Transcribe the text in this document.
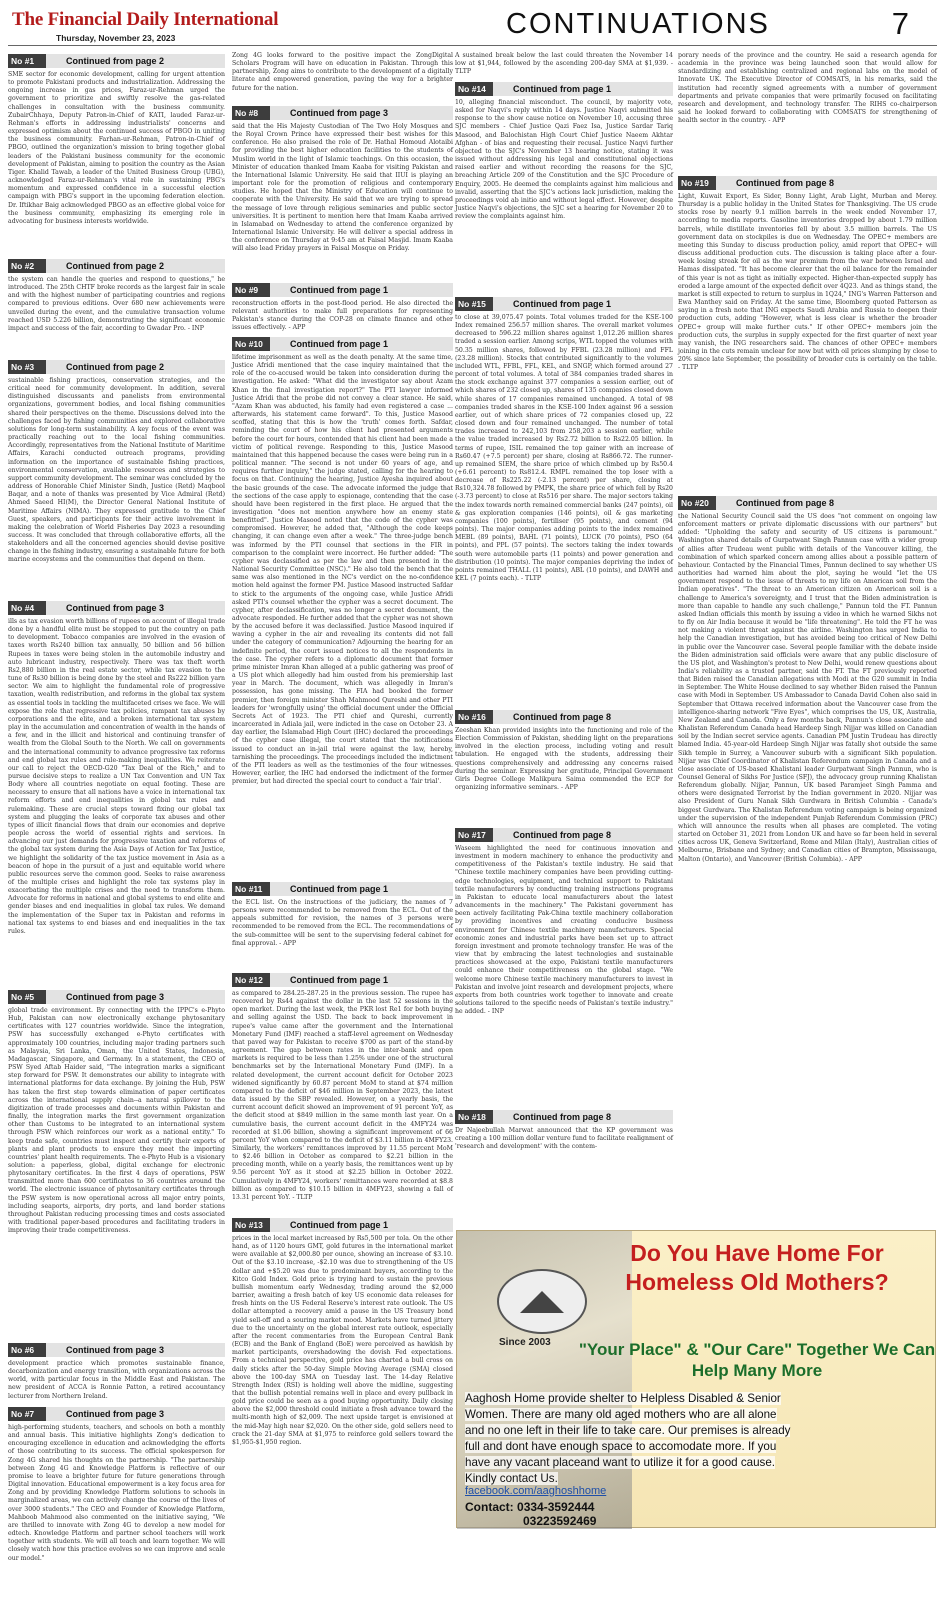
The Financial Daily International
Thursday, November 23, 2023	CONTINUATIONS	7
No #1	Continued from page 2
SME sector for economic development, calling for urgent attention to promote Pakistani products and industrialization. Addressing the ongoing increase in gas prices, Faraz-ur-Rehman urged the government to prioritize and swiftly resolve the gas-related challenges in consultation with the business community. ZubairChhaya, Deputy Patron-in-Chief of KATI, lauded Faraz-ur-Rehman's efforts in addressing industrialists' concerns and expressed optimism about the continued success of PBGO in uniting the business community. Farhan-ur-Rehman, Patron-in-Chief of PBGO, outlined the organization's mission to bring together global leaders of the Pakistani business community for the economic development of Pakistan, aiming to position the country as the Asian Tiger. Khalid Tawab, a leader of the United Business Group (UBG), acknowledged Faraz-ur-Rehman's vital role in sustaining PBG's momentum and expressed confidence in a successful election campaign with PBG's support in the upcoming federation election. Dr. Iftikhar Baig acknowledged PBGO as an effective global voice for the business community, emphasizing its emerging role in advocating for business interests worldwide.
No #2	Continued from page 2
the system can handle the queries and respond to questions," he introduced. The 25th CHTF broke records as the largest fair in scale and with the highest number of participating countries and regions compared to previous editions. Over 680 new achievements were unveiled during the event, and the cumulative transaction volume reached USD 5.226 billion, demonstrating the significant economic impact and success of the fair, according to Gwadar Pro. - INP
No #3	Continued from page 2
sustainable fishing practices, conservation strategies, and the critical need for community development. In addition, several distinguished discussants and panelists from environmental organizations, government bodies, and local fishing communities shared their perspectives on the theme. Discussions delved into the challenges faced by fishing communities and explored collaborative solutions for long-term sustainability. A key focus of the event was practically reaching out to the local fishing communities. Accordingly, representatives from the National Institute of Maritime Affairs, Karachi conducted outreach programs, providing information on the importance of sustainable fishing practices, environmental conservation, available resources and strategies to support community development. The seminar was concluded by the address of Honorable Chief Minister Sindh, Justice (Retd) Maqbool Baqar, and a note of thanks was presented by Vice Admiral (Retd) Ahmed Saeed HI(M), the Director General National Institute of Maritime Affairs (NIMA). They expressed gratitude to the Chief Guest, speakers, and participants for their active involvement in making the celebration of World Fisheries Day 2023 a resounding success. It was concluded that through collaborative efforts, all the stakeholders and all the concerned agencies should devise positive change in the fishing industry, ensuring a sustainable future for both marine ecosystems and the communities that depend on them.
No #4	Continued from page 3
ills as tax evasion worth billions of rupees on account of illegal trade done by a handful elite must be stopped to put the country on path to development. Tobacco companies are involved in the evasion of taxes worth Rs240 billion tax annually, 50 billion and 56 billion Rupees in taxes were being stolen in the automobile industry and auto lubricant industry, respectively. There was tax theft worth Rs2,880 billion in the real estate sector, while tax evasion to the tune of Rs30 billion is being done by the steel and Rs222 billion yarn sector. We aim to highlight the fundamental role of progressive taxation, wealth redistribution, and reforms in the global tax system as essential tools in tackling the multifaceted crises we face. We will expose the role that regressive tax policies, rampant tax abuses by corporations and the elite, and a broken international tax system play in the accumulation and concentration of wealth in the hands of a few, and in the illicit and historical and continuing transfer of wealth from the Global South to the North. We call on governments and the international community to advance progressive tax reforms and end global tax rules and rule-making inequalities. We reiterate our call to reject the OECD-G20 "Tax Deal of the Rich," and to pursue decisive steps to realize a UN Tax Convention and UN Tax Body where all countries negotiate on equal footing. These are necessary to ensure that all nations have a voice in international tax reform efforts and end inequalities in global tax rules and rulemaking. These are crucial steps toward fixing our global tax system and plugging the leaks of corporate tax abuses and other types of illicit financial flows that drain our economies and deprive people across the world of essential rights and services. In advancing our just demands for progressive taxation and reforms of the global tax system during the Asia Days of Action for Tax Justice, we highlight the solidarity of the tax justice movement in Asia as a beacon of hope in the pursuit of a just and equitable world where public resources serve the common good. Seeks to raise awareness of the multiple crises and highlight the role tax systems play in exacerbating the multiple crises and the need to transform them. Advocate for reforms in national and global systems to end elite and gender biases and end inequalities in global tax rules. We demand the implementation of the Super tax in Pakistan and reforms in national tax systems to end biases and end inequalities in the tax rules.
No #5	Continued from page 3
global trade environment. By connecting with the IPPC's e-Phyto Hub, Pakistan can now electronically exchange phytosanitary certificates with 127 countries worldwide. Since the integration, PSW has successfully exchanged e-Phyto certificates with approximately 100 countries, including major trading partners such as Malaysia, Sri Lanka, Oman, the United States, Indonesia, Madagascar, Singapore, and Germany. In a statement, the CEO of PSW Syed Aftab Haider said, "The integration marks a significant step forward for PSW. It demonstrates our ability to integrate with international platforms for data exchange. By joining the Hub, PSW has taken the first step towards elimination of paper certificates across the international supply chain--a natural spillover to the digitization of trade processes and documents within Pakistan and finally, the integration marks the first government organization other than Customs to be integrated to an international system through PSW which reinforces our work as a national entity." To keep trade safe, countries must inspect and certify their exports of plants and plant products to ensure they meet the importing countries' plant health requirements. The e-Phyto Hub is a visionary solution: a paperless, global, digital exchange for electronic phytosanitary certificates. In the first 4 days of operations, PSW transmitted more than 600 certificates to 36 countries around the world. The electronic issuance of phytosanitary certificates through the PSW system is now operational across all major entry points, including seaports, airports, dry ports, and land border stations throughout Pakistan reducing processing times and costs associated with traditional paper-based procedures and facilitating traders in improving their trade competitiveness.
No #6	Continued from page 3
development practice which promotes sustainable finance, decarbonization and energy transition, with organizations across the world, with particular focus in the Middle East and Pakistan. The new president of ACCA is Ronnie Patton, a retired accountancy lecturer from Northern Ireland.
No #7	Continued from page 3
high-performing students, teachers, and schools on both a monthly and annual basis. This initiative highlights Zong's dedication to encouraging excellence in education and acknowledging the efforts of those contributing to its success. The official spokesperson for Zong 4G shared his thoughts on the partnership. "The partnership between Zong 4G and Knowledge Platform is reflective of our promise to leave a brighter future for future generations through Digital innovation. Educational empowerment is a key focus area for Zong and by providing Knowledge Platform solutions to schools in marginalized areas, we can actively change the course of the lives of over 3000 students." The CEO and Founder of Knowledge Platform, Mahboob Mahmood also commented on the initiative saying, "We are thrilled to innovate with Zong 4G to develop a new model for edtech. Knowledge Platform and partner school teachers will work together with students. We will all teach and learn together. We will closely watch how this practice evolves so we can improve and scale our model."
Zong 4G looks forward to the positive impact the ZongDigital Scholars Program will have on education in Pakistan. Through this partnership, Zong aims to contribute to the development of a digitally literate and empowered generation, paving the way for a brighter future for the nation.
No #8	Continued from page 3
said that the His Majesty Custodian of The Two Holy Mosques and the Royal Crown Prince have expressed their best wishes for this conference. He also praised the role of Dr. Hathal Homoud Alotaibi for providing the best higher education facilities to the students of Muslim world in the light of Islamic teachings. On this occasion, the Minister of education thanked Imam Kaaba for visiting Pakistan and the International Islamic University. He said that IIUI is playing an important role for the promotion of religious and contemporary studies. He hoped that the Ministry of Education will continue to cooperate with the University. He said that we are trying to spread the message of love through religious seminaries and public sector universities. It is pertinent to mention here that Imam Kaaba arrived in Islamabad on Wednesday to attend the conference organized by International Islamic University. He will deliver a special address in the conference on Thursday at 9:45 am at Faisal Masjid. Imam Kaaba will also lead Friday prayers in Faisal Mosque on Friday.
No #9	Continued from page 1
reconstruction efforts in the post-flood period. He also directed the relevant authorities to make full preparations for representing Pakistan's stance during the COP-28 on climate finance and other issues effectively. - APP
No #10	Continued from page 1
lifetime imprisonment as well as the death penalty. At the same time, Justice Afridi mentioned that the case inquiry maintained that the role of the co-accused would be taken into consideration during the investigation. He asked: "What did the investigator say about Azam Khan in the final investigation report?" The PTI lawyer informed Justice Afridi that the probe did not convey a clear stance. He said, "Azam Khan was abducted, his family had even registered a case ... afterwards, his statement came forward". To this, Justice Masood scoffed, stating that this is how the 'truth' comes forth. Safdar, reminding the court of how his client had presented arguments before the court for hours, contended that his client had been made a victim of political revenge. Responding to this, Justice Masood maintained that this happened because the cases were being run in a political manner. "The second is not under 60 years of age, and requires further inquiry," the judge stated, calling for the hearing to focus on that. Continuing the hearing, Justice Ayesha inquired about the basic grounds of the case. The advocate informed the judge that the sections of the case apply to espionage, contending that the case should have been registered in the first place. He argued that the investigation "does not mention anywhere how an enemy state benefitted". Justice Masood noted that the code of the cypher was compromised. However, he added that, "Although the code keeps changing, it can change even after a week." The three-judge bench was informed by the PTI counsel that sections in the FIR in comparison to the complaint were incorrect. He further added: "The cypher was declassified as per the law and then presented in the National Security Committee (NSC)." He also told the bench that the same was also mentioned in the NC's verdict on the no-confidence motion held against the former PM. Justice Masood instructed Safdar to stick to the arguments of the ongoing case, while Justice Afridi asked PTI's counsel whether the cypher was a secret document. The cypher, after declassification, was no longer a secret document, the advocate responded. He further added that the cypher was not shown by the accused before it was declassified. Justice Masood inquired if waving a cypher in the air and revealing its contents did not fall under the category of communication? Adjourning the hearing for an indefinite period, the court issued notices to all the respondents in the case. The cypher refers to a diplomatic document that former prime minister Imran Khan alleged at a public gathering was proof of a US plot which allegedly had him ousted from his premiership last year in March. The document, which was allegedly in Imran's possession, has gone missing. The FIA had booked the former premier, then foreign minister Shah Mahmood Qureshi and other PTI leaders for 'wrongfully using' the official document under the Official Secrets Act of 1923. The PTI chief and Qureshi, currently incarcerated in Adiala jail, were indicted in the case on October 23. A day earlier, the Islamabad High Court (IHC) declared the proceedings of the cypher case illegal, the court stated that the notifications issued to conduct an in-jail trial were against the law, hereby, tarnishing the proceedings. The proceedings included the indictment of the PTI leaders as well as the testimonies of the four witnesses. However, earlier, the IHC had endorsed the indictment of the former premier, but had directed the special court to conduct a 'fair trial'.
No #11	Continued from page 1
the ECL list. On the instructions of the judiciary, the names of 7 persons were recommended to be removed from the ECL. Out of the appeals submitted for revision, the names of 3 persons were recommended to be removed from the ECL. The recommendations of the sub-committee will be sent to the supervising federal cabinet for final approval. - APP
No #12	Continued from page 1
as compared to 284.25-287.25 in the previous session. The rupee has recovered by Rs44 against the dollar in the last 52 sessions in the open market. During the last week, the PKR lost Re1 for both buying and selling against the USD. The back to back improvement in rupee's value came after the government and the International Monetary Fund (IMF) reached a staff-level agreement on Wednesday that paved way for Pakistan to receive $700 as part of the stand-by agreement. The gap between rates in the inter-bank and open markets is required to be less than 1.25% under one of the structural benchmarks set by the International Monetary Fund (IMF). In a related development, the current account deficit for October 2023 widened significantly by 60.87 percent MoM to stand at $74 million compared to the deficit of $46 million in September 2023, the latest data issued by the SBP revealed. However, on a yearly basis, the current account deficit showed an improvement of 91 percent YoY, as the deficit stood at $849 million in the same month last year. On a cumulative basis, the current account deficit in the 4MFY24 was recorded at $1.06 billion, showing a significant improvement of 66 percent YoY when compared to the deficit of $3.11 billion in 4MFY23. Similarly, the workers' remittances improved by 11.55 percent MoM to $2.46 billion in October as compared to $2.21 billion in the preceding month, while on a yearly basis, the remittances went up by 9.56 percent YoY as it stood at $2.25 billion in October 2022. Cumulatively in 4MFY24, workers' remittances were recorded at $8.8 billion as compared to $10.15 billion in 4MFY23, showing a fall of 13.31 percent YoY. - TLTP
No #13	Continued from page 1
prices in the local market increased by Rs5,500 per tola. On the other hand, as of 1120 hours GMT, gold futures in the international market were available at $2,000.80 per ounce, showing an increase of $3.10. Out of the $3.10 increase, -$2.10 was due to strengthening of the US dollar and +$5.20 was due to predominant buyers, according to the Kitco Gold Index. Gold price is trying hard to sustain the previous bullish momentum early Wednesday, trading around the $2,000 barrier, awaiting a fresh batch of key US economic data releases for fresh hints on the US Federal Reserve's interest rate outlook. The US dollar attempted a recovery amid a pause in the US Treasury bond yield sell-off and a souring market mood. Markets have turned jittery due to the uncertainty on the global interest rate outlook, especially after the recent commentaries from the European Central Bank (ECB) and the Bank of England (BoE) were perceived as hawkish by market participants, overshadowing the dovish Fed expectations. From a technical perspective, gold price has charted a bull cross on daily sticks after the 50-day Simple Moving Average (SMA) closed above the 100-day SMA on Tuesday last. The 14-day Relative Strength Index (RSI) is holding well above the midline, suggesting that the bullish potential remains well in place and every pullback in gold price could be seen as a good buying opportunity. Daily closing above the $2,000 threshold could initiate a fresh advance toward the multi-month high of $2,009. The next upside target is envisioned at the mid-May high near $2,020. On the other side, gold sellers need to crack the 21-day SMA at $1,975 to reinforce gold sellers toward the $1,955-$1,950 region.
A sustained break below the last could threaten the November 14 low at $1,944, followed by the ascending 200-day SMA at $1,939. - TLTP
No #14	Continued from page 1
10, alleging financial misconduct. The council, by majority vote, asked for Naqvi's reply within 14 days. Justice Naqvi submitted his response to the show cause notice on November 10, accusing three SJC members - Chief Justice Qazi Faez Isa, Justice Sardar Tariq Masood, and Balochistan High Court Chief Justice Naeem Akhtar Afghan - of bias and requesting their recusal. Justice Naqvi further objected to the SJC's November 13 hearing notice, stating it was issued without addressing his legal and constitutional objections raised earlier and without recording the reasons for the SJC, breaching Article 209 of the Constitution and the SJC Procedure of Enquiry, 2005. He deemed the complaints against him malicious and invalid, asserting that the SJC's actions lack jurisdiction, making the proceedings void ab initio and without legal effect. However, despite Justice Naqvi's objections, the SJC set a hearing for November 20 to review the complaints against him.
No #15	Continued from page 1
to close at 39,075.47 points. Total volumes traded for the KSE-100 Index remained 256.57 million shares. The overall market volumes decreased to 596.22 million shares against 1,012.26 million shares traded a session earlier. Among scrips, WTL topped the volumes with 50.35 million shares, followed by FFBL (23.28 million) and FFL (23.28 million). Stocks that contributed significantly to the volumes included WTL, FFBL, FFL, KEL, and SNGP, which formed around 27 percent of total volumes. A total of 384 companies traded shares in the stock exchange against 377 companies a session earlier, out of which shares of 232 closed up, shares of 135 companies closed down while shares of 17 companies remained unchanged. A total of 98 companies traded shares in the KSE-100 Index against 96 a session earlier, out of which share prices of 72 companies closed up, 22 closed down and four remained unchanged. The number of total trades increased to 242,103 from 258,203 a session earlier, while the value traded increased by Rs2.72 billion to Rs22.05 billion. In terms of rupee, ISIL remained the top gainer with an increase of Rs60.47 (+7.5 percent) per share, closing at Rs866.72. The runner-up remained SIEM, the share price of which climbed up by Rs50.4 (+6.61 percent) to Rs812.4. RMPL remained the top loser with a decrease of Rs225.22 (-2.13 percent) per share, closing at Rs10,324.78 followed by PMPK, the share price of which fell by Rs20 (-3.73 percent) to close at Rs516 per share. The major sectors taking the index towards north remained commercial banks (247 points), oil & gas exploration companies (146 points), oil & gas marketing companies (100 points), fertiliser (95 points), and cement (94 points). The major companies adding points to the index remained MEBL (89 points), BAHL (71 points), LUCK (70 points), PSO (64 points), and PPL (57 points). The sectors taking the index towards south were automobile parts (11 points) and power generation and distribution (10 points). The major companies depriving the index of points remained THALL (11 points), ABL (10 points), and DAWH and KEL (7 points each). - TLTP
No #16	Continued from page 8
Zeeshan Khan provided insights into the functioning and role of the Election Commission of Pakistan, shedding light on the preparations involved in the election process, including voting and result tabulation. He engaged with the students, addressing their questions comprehensively and addressing any concerns raised during the seminar. Expressing her gratitude, Principal Government Girls Degree College Malikpura Saima commended the ECP for organizing informative seminars. - APP
No #17	Continued from page 8
Waseem highlighted the need for continuous innovation and investment in modern machinery to enhance the productivity and competitiveness of the Pakistan's textile industry. He said that "Chinese textile machinery companies have been providing cutting-edge technologies, equipment, and technical support to Pakistani textile manufacturers by conducting training instructions programs in Pakistan to educate local manufacturers about the latest advancements in the machinery." The Pakistani government has been actively facilitating Pak-China textile machinery collaboration by providing incentives and creating conducive business environment for Chinese textile machinery manufacturers. Special economic zones and industrial parks have been set up to attract foreign investment and promote technology transfer. He was of the view that by embracing the latest technologies and sustainable practices showcased at the expo, Pakistani textile manufacturers could enhance their competitiveness on the global stage. "We welcome more Chinese textile machinery manufacturers to invest in Pakistan and involve joint research and development projects, where experts from both countries work together to innovate and create solutions tailored to the specific needs of Pakistan's textile industry." he added. - INP
No #18	Continued from page 8
Dr Najeebullah Marwat announced that the KP government was creating a 100 million dollar venture fund to facilitate realignment of 'research and development' with the contem-
porary needs of the province and the country. He said a research agenda for academia in the province was being launched soon that would allow for standardizing and establishing centralized and regional labs on the model of Innovate UK. The Executive Director of COMSATS, in his remarks, said the institution had recently signed agreements with a number of government departments and private companies that were primarily focused on facilitating research and development, and technology transfer. The RIHS co-chairperson said he looked forward to collaborating with COMSATS for strengthening of health sector in the country. - APP
No #19	Continued from page 8
Light, Kuwait Export, Es Sider, Bonny Light, Arab Light, Murban and Merey. Thursday is a public holiday in the United States for Thanksgiving. The US crude stocks rose by nearly 9.1 million barrels in the week ended November 17, according to media reports. Gasoline inventories dropped by about 1.79 million barrels, while distillate inventories fell by about 3.5 million barrels. The US government data on stockpiles is due on Wednesday. The OPEC+ members are meeting this Sunday to discuss production policy, amid report that OPEC+ will discuss additional production cuts. The discussion is taking place after a four-week losing streak for oil as the war premium from the war between Israel and Hamas dissipated. "It has become clearer that the oil balance for the remainder of this year is not as tight as initially expected. Higher-than-expected supply has eroded a large amount of the expected deficit over 4Q23. And as things stand, the market is still expected to return to surplus in 1Q24," ING's Warren Patterson and Ewa Manthey said on Friday. At the same time, Bloomberg quoted Patterson as saying in a fresh note that ING expects Saudi Arabia and Russia to deepen their production cuts, adding "However, what is less clear is whether the broader OPEC+ group will make further cuts." If other OPEC+ members join the production cuts, the surplus in supply expected for the first quarter of next year may vanish, the ING researchers said. The chances of other OPEC+ members joining in the cuts remain unclear for now but with oil prices slumping by close to 20% since late September, the possibility of broader cuts is certainly on the table. - TLTP
No #20	Continued from page 8
the National Security Council said the US does "not comment on ongoing law enforcement matters or private diplomatic discussions with our partners" but added: "Upholding the safety and security of US citizens is paramount." Washington shared details of Gurpatwant Singh Pannun case with a wider group of allies after Trudeau went public with details of the Vancouver killing, the combination of which sparked concern among allies about a possible pattern of behaviour. Contacted by the Financial Times, Pannun declined to say whether US authorities had warned him about the plot, saying he would "let the US government respond to the issue of threats to my life on American soil from the Indian operatives". "The threat to an American citizen on American soil is a challenge to America's sovereignty, and I trust that the Biden administration is more than capable to handle any such challenge," Pannun told the FT. Pannun asked Indian officials this month by issuing a video in which he warned Sikhs not to fly on Air India because it would be "life threatening". He told the FT he was not making a violent threat against the airline. Washington has urged India to help the Canadian investigation, but has avoided being too critical of New Delhi in public over the Vancouver case. Several people familiar with the debate inside the Biden administration said officials were aware that any public disclosure of the US plot, and Washington's protest to New Delhi, would renew questions about India's reliability as a trusted partner, said the FT. The FT previously reported that Biden raised the Canadian allegations with Modi at the G20 summit in India in September. The White House declined to say whether Biden raised the Pannun case with Modi in September. US Ambassador to Canada David Cohen also said in September that Ottawa received information about the Vancouver case from the intelligence-sharing network "Five Eyes", which comprises the US, UK, Australia, New Zealand and Canada. Only a few months back, Pannun's close associate and Khalistan Referendum Canada head Hardeep Singh Nijjar was killed on Canadian soil by the Indian secret service agents. Canadian PM Justin Trudeau has directly blamed India. 45-year-old Hardeep Singh Nijjar was fatally shot outside the same Sikh temple in Surrey, a Vancouver suburb with a significant Sikh population. Nijjar was Chief Coordinator of Khalistan Referendum campaign in Canada and a close associate of US-based Khalistani leader Gurpatwant Singh Pannun, who is Counsel General of Sikhs For Justice (SFJ), the advocacy group running Khalistan Referendum globally. Nijjar, Pannun, UK based Paramjeet Singh Pamma and others were designated Terrorist by the Indian government in 2020. Nijjar was also President of Guru Nanak Sikh Gurdwara in British Columbia - Canada's biggest Gurdwara. The Khalistan Referendum voting campaign is being organized under the supervision of the independent Punjab Referendum Commission (PRC) which will announce the results when all phases are completed. The voting started on October 31, 2021 from London UK and have so far been held in several cities across UK, Geneva Switzerland, Rome and Milan (Italy), Australian cities of Melbourne, Brisbane and Sydney; and Canadian cities of Brampton, Mississauga, Malton (Ontario), and Vancouver (British Columbia). - APP
Since 2003
Do You Have Home For Homeless Old Mothers?
"Your Place" & "Our Care" Together We Can Help Many More
Aaghosh Home provide shelter to Helpless Disabled & Senior Women. There are many old aged mothers who are all alone and no one left in their life to take care. Our premises is already full and dont have enough space to accomodate more. If you have any vacant placeand want to utilize it for a good cause. Kindly contact Us.
facebook.com/aaghoshhome
Contact: 0334-3592444
03223592469
